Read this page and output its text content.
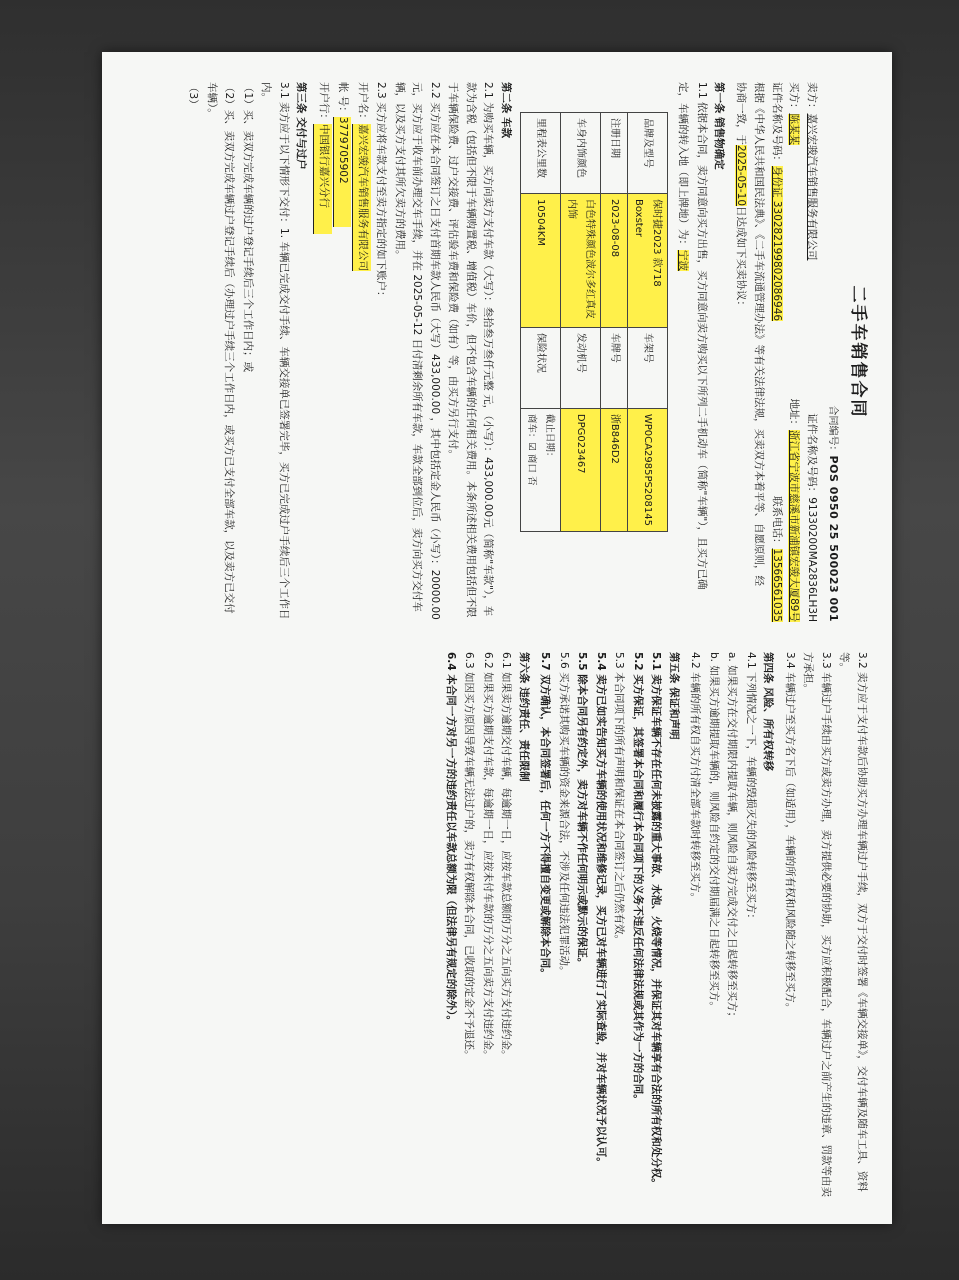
二手车销售合同
合同编号：POS 0950 25 500023 001
卖方：嘉兴宏骏汽车销售服务有限公司
证件名称及号码：91330200MA2836LH3H
买方：陈某某
地址：浙江省宁波市慈溪市新浦镇宏骏大厦89号
证件名称及号码：身份证 330282199802086946
联系电话：13566561035

根据《中华人民共和国民法典》、《二手车流通管理办法》等有关法律法规，买卖双方本着平等、自愿原则，经

协商一致，于2025-05-10日达成如下买卖协议：

第一条 销售物确定

1.1 依据本合同，卖方同意向买方出售，买方同意向卖方购买以下所列二手机动车（简称"车辆"），且买方已确

定，车辆的转入地（即上牌地）为：宁波

品牌及型号	保时捷2023 款718 Boxster	车架号	WP0CA2985PS208145
注册日期	2023-08-08	车牌号	浙B846D2
车身内饰颜色	白色特殊颜色波尔多红真皮内饰	发动机号	DPG023467
里程表公里数	10504KM	保险状况	截止日期：
商车：☑ 商口 否
第二条 车款

2.1 为购买车辆，买方向卖方支付车款（大写）：叁拾叁万叁仟元整 元，（小写）：433,000.00元（简称"车款"），车款为含税（包括但不限于车辆购置税、增值税）车价，但不包含车辆的任何相关费用。本条所述相关费用包括但不限于车辆保险费、过户交接费、评估验车费和保险费（如有）等，由买方另行支付。

2.2 买方应在本合同签订之日支付首期车款人民币（大写）433,000.00 ，其中包括定金人民币（小写）：20000.00元，买方应于收车前办理交车手续，并在 2025-05-12 日付清剩余所有车款，车款全部到位后，卖方向买方交付车辆，以及买方支付其所欠卖方的费用。

2.3 买方应将车款支付至卖方指定的如下账户：

开户名：嘉兴宏骏汽车销售服务有限公司

帐 号：3779705902

开户行：中国银行嘉兴分行

第三条 交付与过户

3.1 卖方应于以下情形下交付：1. 车辆已完成交付手续、车辆交接单已签署完毕，买方已完成过户手续后三个工作日内。

（1）买、卖双方完成车辆的过户登记手续后三个工作日内；或

（2）买、卖双方完成车辆过户登记手续后（办理过户手续三个工作日内，或买方已支付全部车款，以及卖方已交付车辆）。

（3）

3.2 卖方应于支付车款后协助买方办理车辆过户手续，双方于交付时签署《车辆交接单》，交付车辆及随车工具、资料等。

3.3 车辆过户手续由买方或卖方办理，卖方提供必要的协助，买方应积极配合，车辆过户之前产生的违章、罚款等由卖方承担。

3.4 车辆过户至买方名下后（如适用），车辆的所有权和风险随之转移至买方。

第四条 风险、所有权转移

4.1 下列情况之一下，车辆的毁损灭失的风险转移至买方：

a. 如果买方在交付期限内提取车辆，则风险自卖方完成交付之日起转移至买方；

b. 如果买方逾期提取车辆的，则风险自约定的交付期届满之日起转移至买方。

4.2 车辆的所有权自买方付清全部车款时转移至买方。

第五条 保证和声明

5.1 卖方保证车辆不存在任何未披露的重大事故、水泡、火烧等情况，并保证其对车辆享有合法的所有权和处分权。

5.2 买方保证，其签署本合同和履行本合同项下的义务不违反任何法律法规或其作为一方的合同。

5.3 本合同项下的所有声明和保证在本合同签订之后仍然有效。

5.4 卖方已如实告知买方车辆的使用状况和维修记录，买方已对车辆进行了实际查验，并对车辆状况予以认可。

5.5 除本合同另有约定外，卖方对车辆不作任何明示或默示的保证。

5.6 买方承诺其购买车辆的资金来源合法，不涉及任何违法犯罪活动。

5.7 双方确认，本合同签署后，任何一方不得擅自变更或解除本合同。

第六条 违约责任、责任限制

6.1 如果卖方逾期交付车辆，每逾期一日，应按车款总额的万分之五向买方支付违约金。

6.2 如果买方逾期支付车款，每逾期一日，应按未付车款的万分之五向卖方支付违约金。

6.3 如因买方原因导致车辆无法过户的，卖方有权解除本合同，已收取的定金不予退还。

6.4 本合同一方对另一方的违约责任以车款总额为限（但法律另有规定的除外）。
